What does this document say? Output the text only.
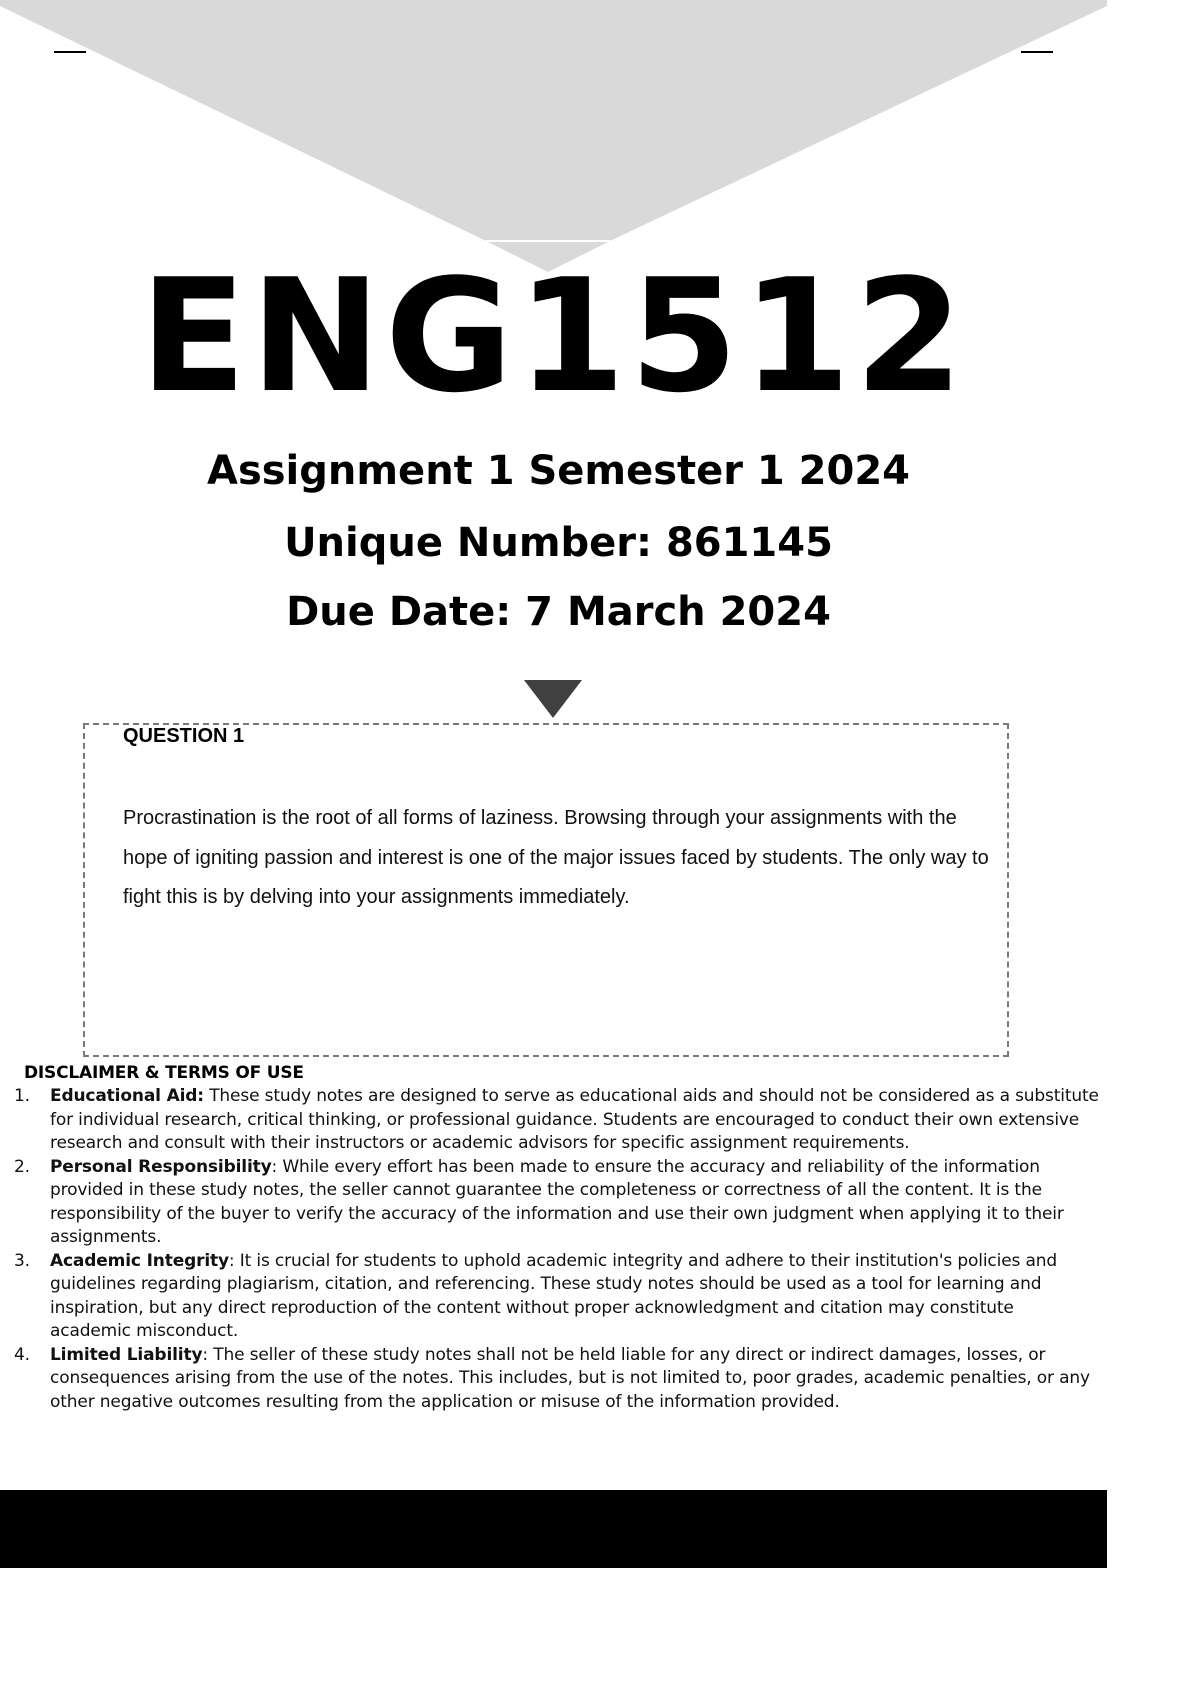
ENG1512
Assignment 1 Semester 1 2024
Unique Number: 861145
Due Date: 7 March 2024
QUESTION 1
Procrastination is the root of all forms of laziness. Browsing through your assignments with the hope of igniting passion and interest is one of the major issues faced by students. The only way to fight this is by delving into your assignments immediately.
DISCLAIMER & TERMS OF USE
1. Educational Aid: These study notes are designed to serve as educational aids and should not be considered as a substitute for individual research, critical thinking, or professional guidance. Students are encouraged to conduct their own extensive research and consult with their instructors or academic advisors for specific assignment requirements.
2. Personal Responsibility: While every effort has been made to ensure the accuracy and reliability of the information provided in these study notes, the seller cannot guarantee the completeness or correctness of all the content. It is the responsibility of the buyer to verify the accuracy of the information and use their own judgment when applying it to their assignments.
3. Academic Integrity: It is crucial for students to uphold academic integrity and adhere to their institution's policies and guidelines regarding plagiarism, citation, and referencing. These study notes should be used as a tool for learning and inspiration, but any direct reproduction of the content without proper acknowledgment and citation may constitute academic misconduct.
4. Limited Liability: The seller of these study notes shall not be held liable for any direct or indirect damages, losses, or consequences arising from the use of the notes. This includes, but is not limited to, poor grades, academic penalties, or any other negative outcomes resulting from the application or misuse of the information provided.
